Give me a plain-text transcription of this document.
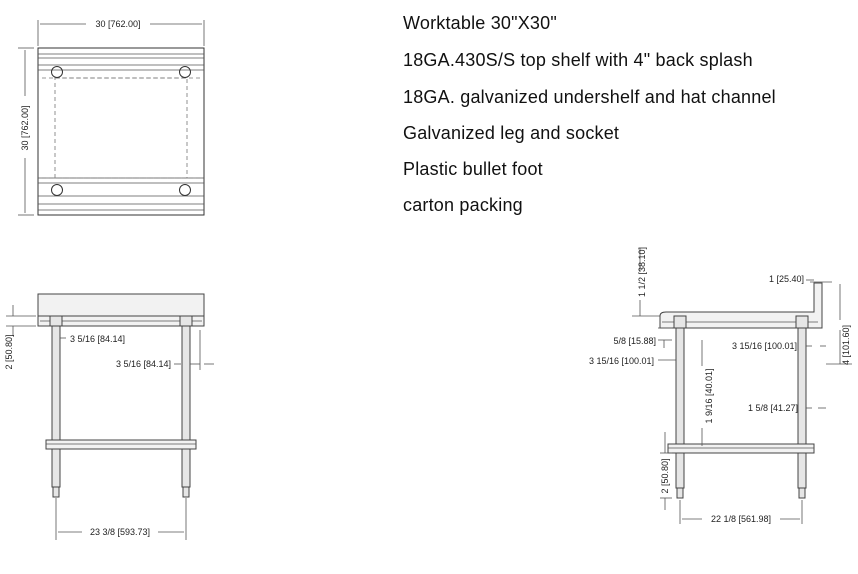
Worktable 30"X30"
18GA.430S/S top shelf with 4" back splash
18GA. galvanized undershelf and hat channel
Galvanized leg and socket
Plastic bullet foot
carton packing
30 [762.00]
30 [762.00]
2 [50.80]	3 5/16 [84.14]
3 5/16 [84.14]
23 3/8 [593.73]
1 1/2 [38.10]	1 [25.40]
4 [101.60]
5/8 [15.88]
3 15/16 [100.01]
3 15/16 [100.01]
1 9/16 [40.01]	1 5/8 [41.27]
2 [50.80]
22 1/8 [561.98]
